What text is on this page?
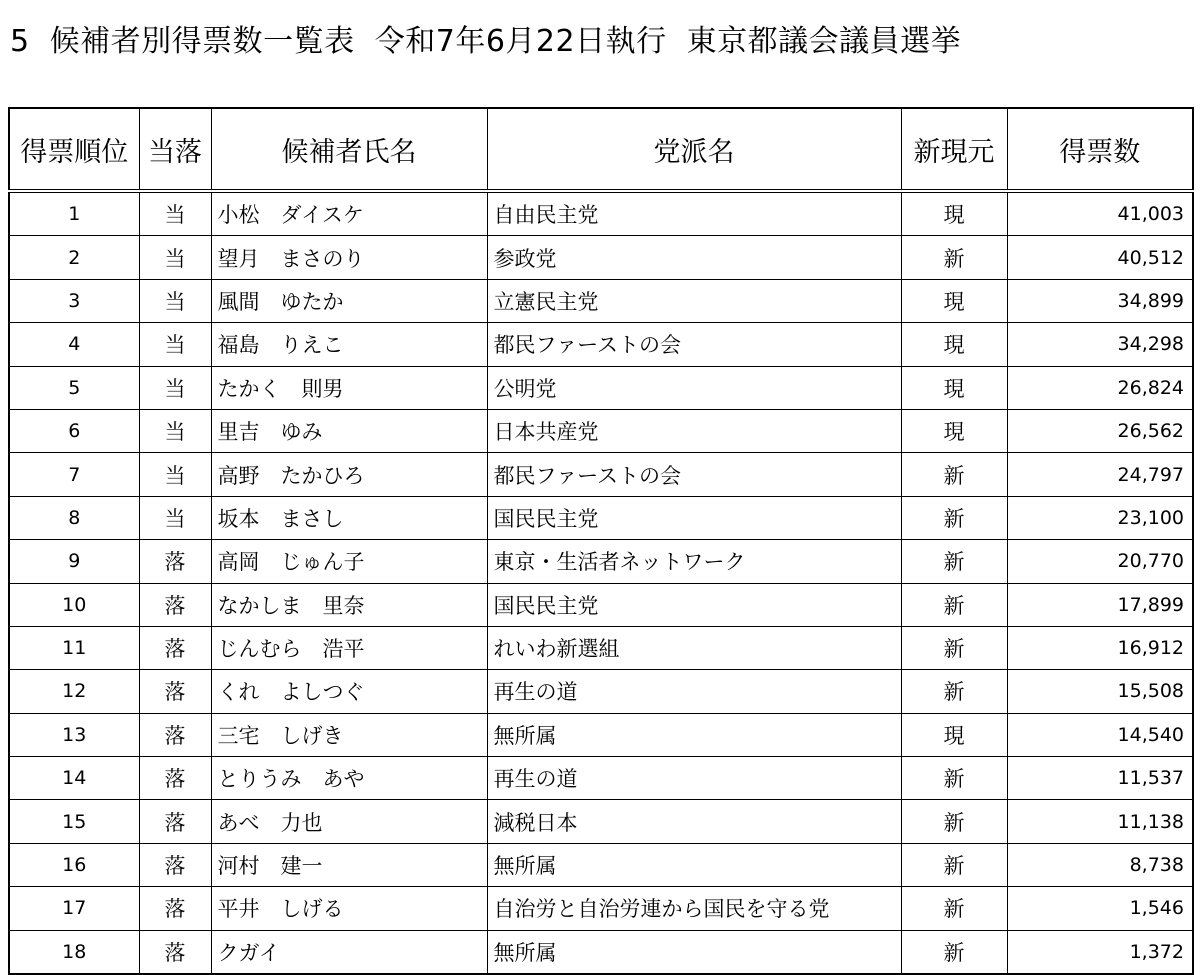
5  候補者別得票数一覧表  令和7年6月22日執行  東京都議会議員選挙
得票順位	当落	候補者氏名	党派名	新現元	得票数
1	当	小松　ダイスケ	自由民主党	現	41,003
2	当	望月　まさのり	参政党	新	40,512
3	当	風間　ゆたか	立憲民主党	現	34,899
4	当	福島　りえこ	都民ファーストの会	現	34,298
5	当	たかく　則男	公明党	現	26,824
6	当	里吉　ゆみ	日本共産党	現	26,562
7	当	高野　たかひろ	都民ファーストの会	新	24,797
8	当	坂本　まさし	国民民主党	新	23,100
9	落	高岡　じゅん子	東京・生活者ネットワーク	新	20,770
10	落	なかしま　里奈	国民民主党	新	17,899
11	落	じんむら　浩平	れいわ新選組	新	16,912
12	落	くれ　よしつぐ	再生の道	新	15,508
13	落	三宅　しげき	無所属	現	14,540
14	落	とりうみ　あや	再生の道	新	11,537
15	落	あべ　力也	減税日本	新	11,138
16	落	河村　建一	無所属	新	8,738
17	落	平井　しげる	自治労と自治労連から国民を守る党	新	1,546
18	落	クガイ	無所属	新	1,372
